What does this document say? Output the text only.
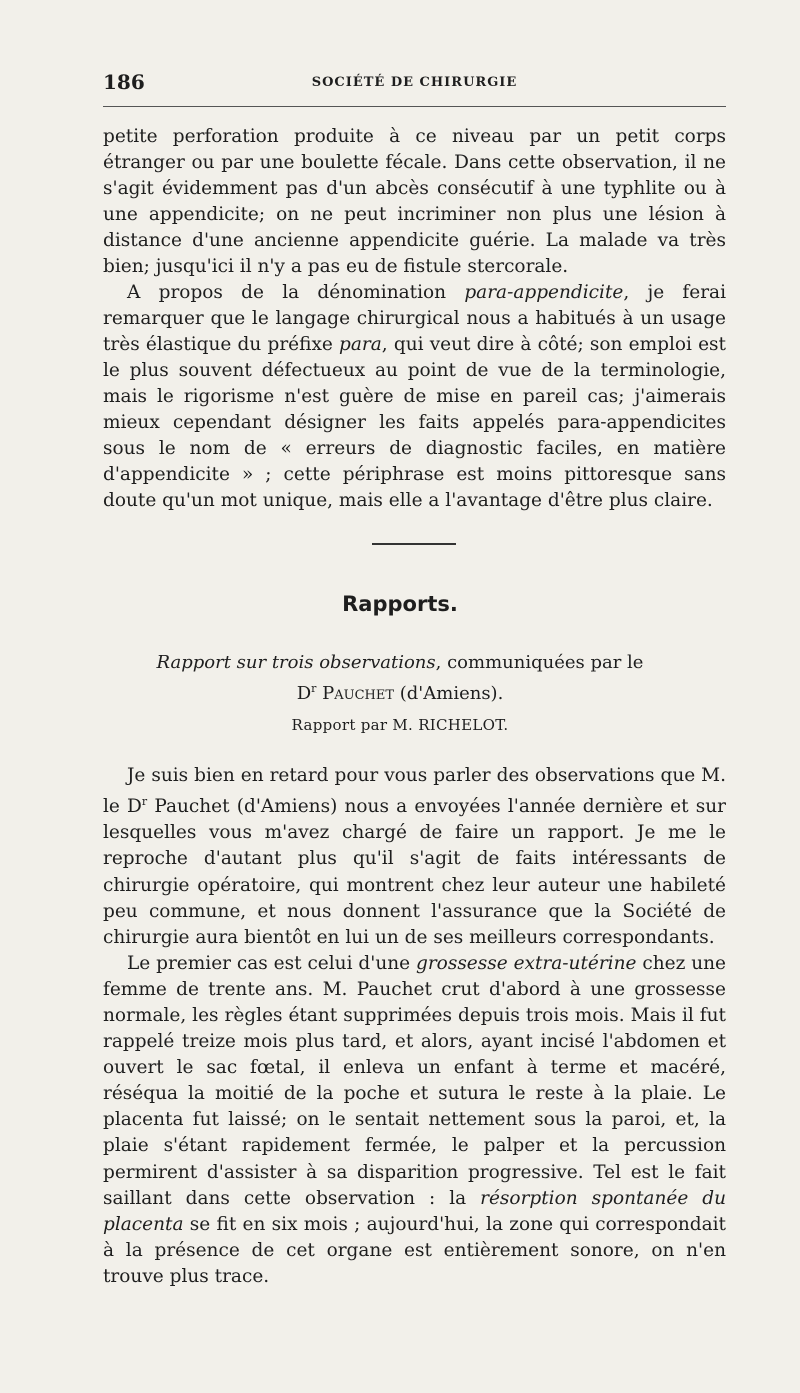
186	SOCIÉTÉ DE CHIRURGIE

petite perforation produite à ce niveau par un petit corps étranger ou par une boulette fécale. Dans cette observation, il ne s'agit évidemment pas d'un abcès consécutif à une typhlite ou à une appendicite; on ne peut incriminer non plus une lésion à distance d'une ancienne appendicite guérie. La malade va très bien; jusqu'ici il n'y a pas eu de fistule stercorale.

A propos de la dénomination para-appendicite, je ferai remarquer que le langage chirurgical nous a habitués à un usage très élastique du préfixe para, qui veut dire à côté; son emploi est le plus souvent défectueux au point de vue de la terminologie, mais le rigorisme n'est guère de mise en pareil cas; j'aimerais mieux cependant désigner les faits appelés para-appendicites sous le nom de « erreurs de diagnostic faciles, en matière d'appendicite » ; cette périphrase est moins pittoresque sans doute qu'un mot unique, mais elle a l'avantage d'être plus claire.

Rapports.
Rapport sur trois observations, communiquées par le
$D^r$ Pauchet (d'Amiens).
Rapport par M. RICHELOT.

Je suis bien en retard pour vous parler des observations que M. le $D^r$ Pauchet (d'Amiens) nous a envoyées l'année dernière et sur lesquelles vous m'avez chargé de faire un rapport. Je me le reproche d'autant plus qu'il s'agit de faits intéressants de chirurgie opératoire, qui montrent chez leur auteur une habileté peu commune, et nous donnent l'assurance que la Société de chirurgie aura bientôt en lui un de ses meilleurs correspondants.

Le premier cas est celui d'une grossesse extra-utérine chez une femme de trente ans. M. Pauchet crut d'abord à une grossesse normale, les règles étant supprimées depuis trois mois. Mais il fut rappelé treize mois plus tard, et alors, ayant incisé l'abdomen et ouvert le sac fœtal, il enleva un enfant à terme et macéré, réséqua la moitié de la poche et sutura le reste à la plaie. Le placenta fut laissé; on le sentait nettement sous la paroi, et, la plaie s'étant rapidement fermée, le palper et la percussion permirent d'assister à sa disparition progressive. Tel est le fait saillant dans cette observation : la résorption spontanée du placenta se fit en six mois ; aujourd'hui, la zone qui correspondait à la présence de cet organe est entièrement sonore, on n'en trouve plus trace.
